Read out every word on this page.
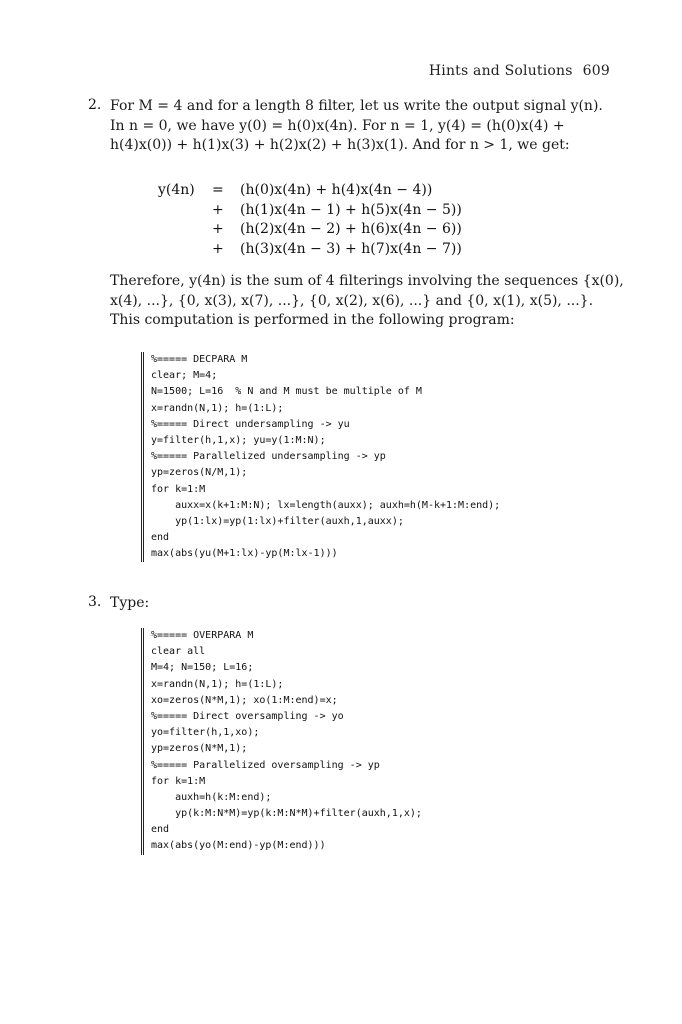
Hints and Solutions 609
2. For M = 4 and for a length 8 filter, let us write the output signal y(n).
In n = 0, we have y(0) = h(0)x(4n). For n = 1, y(4) = (h(0)x(4) +
h(4)x(0)) + h(1)x(3) + h(2)x(2) + h(3)x(1). And for n > 1, we get:
y(4n) = (h(0)x(4n) + h(4)x(4n − 4))
+ (h(1)x(4n − 1) + h(5)x(4n − 5))
+ (h(2)x(4n − 2) + h(6)x(4n − 6))
+ (h(3)x(4n − 3) + h(7)x(4n − 7))
Therefore, y(4n) is the sum of 4 filterings involving the sequences {x(0),
x(4), ...}, {0, x(3), x(7), ...}, {0, x(2), x(6), ...} and {0, x(1), x(5), ...}.
This computation is performed in the following program:
%===== DECPARA M
clear; M=4;
N=1500; L=16  % N and M must be multiple of M
x=randn(N,1); h=(1:L);
%===== Direct undersampling -> yu
y=filter(h,1,x); yu=y(1:M:N);
%===== Parallelized undersampling -> yp
yp=zeros(N/M,1);
for k=1:M
auxx=x(k+1:M:N); lx=length(auxx); auxh=h(M-k+1:M:end);
yp(1:lx)=yp(1:lx)+filter(auxh,1,auxx);
end
max(abs(yu(M+1:lx)-yp(M:lx-1)))
3. Type:
%===== OVERPARA M
clear all
M=4; N=150; L=16;
x=randn(N,1); h=(1:L);
xo=zeros(N*M,1); xo(1:M:end)=x;
%===== Direct oversampling -> yo
yo=filter(h,1,xo);
yp=zeros(N*M,1);
%===== Parallelized oversampling -> yp
for k=1:M
auxh=h(k:M:end);
yp(k:M:N*M)=yp(k:M:N*M)+filter(auxh,1,x);
end
max(abs(yo(M:end)-yp(M:end)))
